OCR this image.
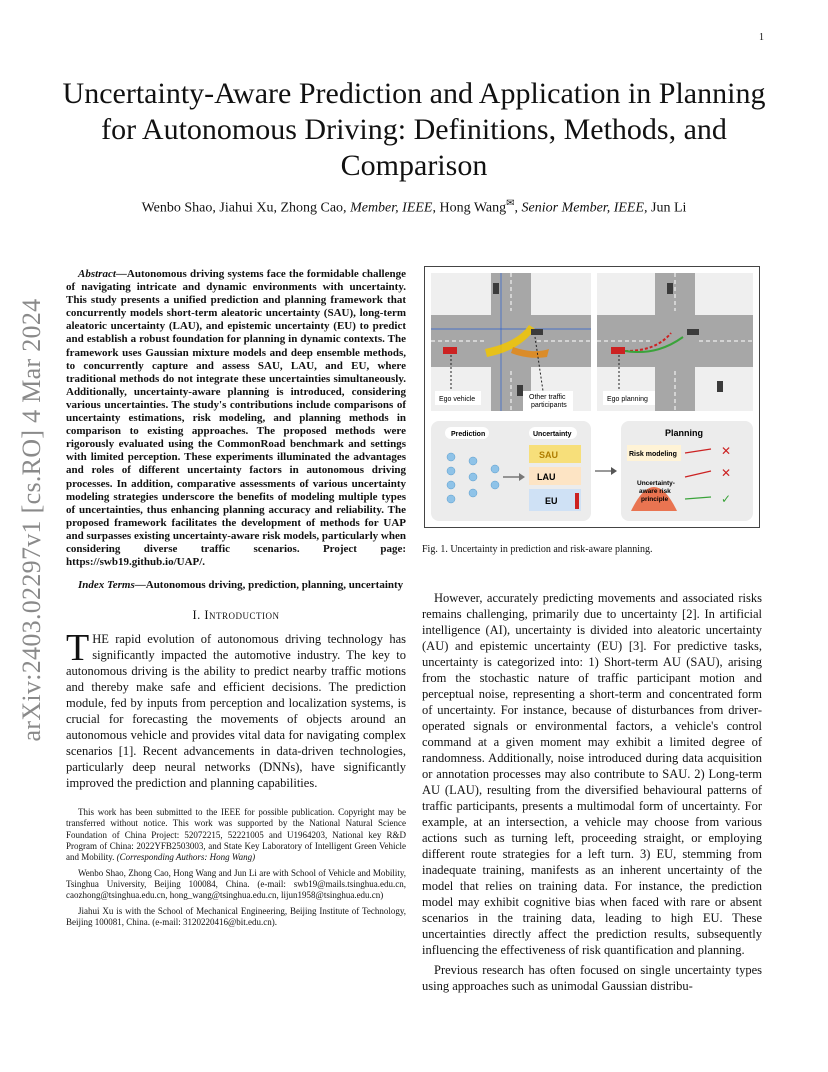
1
arXiv:2403.02297v1 [cs.RO] 4 Mar 2024
Uncertainty-Aware Prediction and Application in Planning for Autonomous Driving: Definitions, Methods, and Comparison
Wenbo Shao, Jiahui Xu, Zhong Cao, Member, IEEE, Hong Wang✉, Senior Member, IEEE, Jun Li

Abstract—Autonomous driving systems face the formidable challenge of navigating intricate and dynamic environments with uncertainty. This study presents a unified prediction and planning framework that concurrently models short-term aleatoric uncertainty (SAU), long-term aleatoric uncertainty (LAU), and epistemic uncertainty (EU) to predict and establish a robust foundation for planning in dynamic contexts. The framework uses Gaussian mixture models and deep ensemble methods, to concurrently capture and assess SAU, LAU, and EU, where traditional methods do not integrate these uncertainties simultaneously. Additionally, uncertainty-aware planning is introduced, considering various uncertainties. The study's contributions include comparisons of uncertainty estimations, risk modeling, and planning methods in comparison to existing approaches. The proposed methods were rigorously evaluated using the CommonRoad benchmark and settings with limited perception. These experiments illuminated the advantages and roles of different uncertainty factors in autonomous driving processes. In addition, comparative assessments of various uncertainty modeling strategies underscore the benefits of modeling multiple types of uncertainties, thus enhancing planning accuracy and reliability. The proposed framework facilitates the development of methods for UAP and surpasses existing uncertainty-aware risk models, particularly when considering diverse traffic scenarios. Project page: https://swb19.github.io/UAP/.

Index Terms—Autonomous driving, prediction, planning, uncertainty

I. Introduction

THE rapid evolution of autonomous driving technology has significantly impacted the automotive industry. The key to autonomous driving is the ability to predict nearby traffic motions and thereby make safe and efficient decisions. The prediction module, fed by inputs from perception and localization systems, is crucial for forecasting the movements of objects around an autonomous vehicle and provides vital data for navigating complex scenarios [1]. Recent advancements in data-driven technologies, particularly deep neural networks (DNNs), have significantly improved the prediction and planning capabilities.

This work has been submitted to the IEEE for possible publication. Copyright may be transferred without notice. This work was supported by the National Natural Science Foundation of China Project: 52072215, 52221005 and U1964203, National key R&D Program of China: 2022YFB2503003, and State Key Laboratory of Intelligent Green Vehicle and Mobility. (Corresponding Authors: Hong Wang)

Wenbo Shao, Zhong Cao, Hong Wang and Jun Li are with School of Vehicle and Mobility, Tsinghua University, Beijing 100084, China. (e-mail: swb19@mails.tsinghua.edu.cn, caozhong@tsinghua.edu.cn, hong_wang@tsinghua.edu.cn, lijun1958@tsinghua.edu.cn)

Jiahui Xu is with the School of Mechanical Engineering, Beijing Institute of Technology, Beijing 100081, China. (e-mail: 3120220416@bit.edu.cn).

Ego vehicle	Other traffic
participants
Ego planning
Prediction	Uncertainty
SAU
LAU
EU
Planning
Risk modeling
Uncertainty-
aware risk
principle
✕
✕
✓
Fig. 1. Uncertainty in prediction and risk-aware planning.

However, accurately predicting movements and associated risks remains challenging, primarily due to uncertainty [2]. In artificial intelligence (AI), uncertainty is divided into aleatoric uncertainty (AU) and epistemic uncertainty (EU) [3]. For predictive tasks, uncertainty is categorized into: 1) Short-term AU (SAU), arising from the stochastic nature of traffic participant motion and perceptual noise, representing a short-term and concentrated form of uncertainty. For instance, because of disturbances from driver-operated signals or environmental factors, a vehicle's control command at a given moment may exhibit a limited degree of randomness. Additionally, noise introduced during data acquisition or annotation processes may also contribute to SAU. 2) Long-term AU (LAU), resulting from the diversified behavioural patterns of traffic participants, presents a multimodal form of uncertainty. For example, at an intersection, a vehicle may choose from various actions such as turning left, proceeding straight, or employing different route strategies for a left turn. 3) EU, stemming from inadequate training, manifests as an inherent uncertainty of the model that relies on training data. For instance, the prediction model may exhibit cognitive bias when faced with rare or absent scenarios in the training data, leading to high EU. These uncertainties directly affect the prediction results, subsequently influencing the effectiveness of risk quantification and planning.

Previous research has often focused on single uncertainty types using approaches such as unimodal Gaussian distribu-
